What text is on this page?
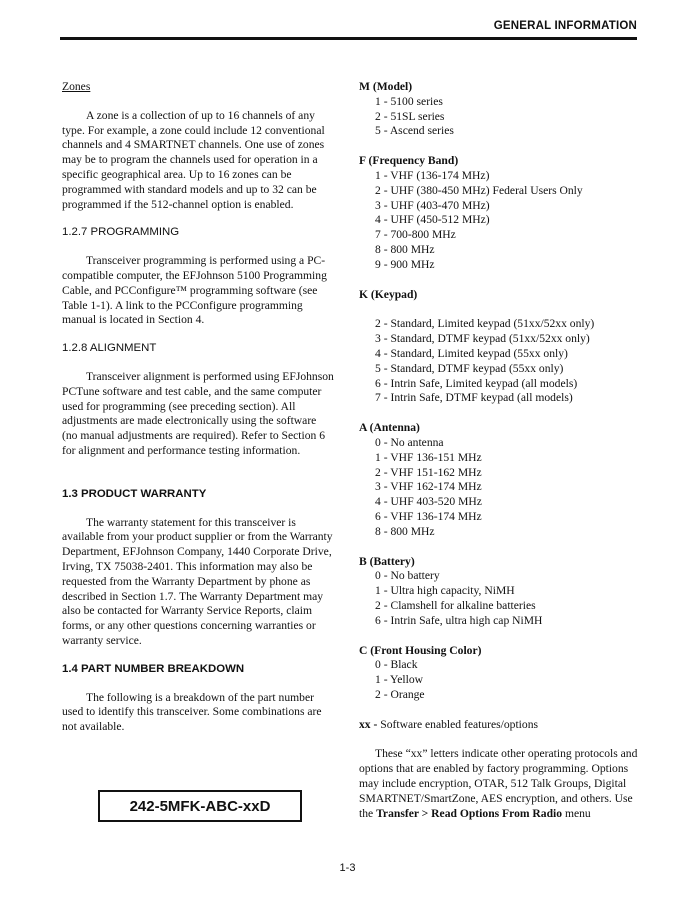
GENERAL INFORMATION
Zones
A zone is a collection of up to 16 channels of any type. For example, a zone could include 12 conventional channels and 4 SMARTNET channels. One use of zones may be to program the channels used for operation in a specific geographical area. Up to 16 zones can be programmed with standard models and up to 32 can be programmed if the 512-channel option is enabled.
1.2.7 PROGRAMMING
Transceiver programming is performed using a PC-compatible computer, the EFJohnson 5100 Programming Cable, and PCConfigure™ programming software (see Table 1-1). A link to the PCConfigure programming manual is located in Section 4.
1.2.8 ALIGNMENT
Transceiver alignment is performed using EFJohnson PCTune software and test cable, and the same computer used for programming (see preceding section). All adjustments are made electronically using the software (no manual adjustments are required). Refer to Section 6 for alignment and performance testing information.
1.3 PRODUCT WARRANTY
The warranty statement for this transceiver is available from your product supplier or from the Warranty Department, EFJohnson Company, 1440 Corporate Drive, Irving, TX 75038-2401. This information may also be requested from the Warranty Department by phone as described in Section 1.7. The Warranty Department may also be contacted for Warranty Service Reports, claim forms, or any other questions concerning warranties or warranty service.
1.4 PART NUMBER BREAKDOWN
The following is a breakdown of the part number used to identify this transceiver. Some combinations are not available.
242-5MFK-ABC-xxD
M (Model)
1 - 5100 series
2 - 51SL series
5 - Ascend series
F (Frequency Band)
1 - VHF (136-174 MHz)
2 - UHF (380-450 MHz) Federal Users Only
3 - UHF (403-470 MHz)
4 - UHF (450-512 MHz)
7 - 700-800 MHz
8 - 800 MHz
9 - 900 MHz
K (Keypad)
2 - Standard, Limited keypad (51xx/52xx only)
3 - Standard, DTMF keypad (51xx/52xx only)
4 - Standard, Limited keypad (55xx only)
5 - Standard, DTMF keypad (55xx only)
6 - Intrin Safe, Limited keypad (all models)
7 - Intrin Safe, DTMF keypad (all models)
A (Antenna)
0 - No antenna
1 - VHF 136-151 MHz
2 - VHF 151-162 MHz
3 - VHF 162-174 MHz
4 - UHF 403-520 MHz
6 - VHF 136-174 MHz
8 - 800 MHz
B (Battery)
0 - No battery
1 - Ultra high capacity, NiMH
2 - Clamshell for alkaline batteries
6 - Intrin Safe, ultra high cap NiMH
C (Front Housing Color)
0 - Black
1 - Yellow
2 - Orange
xx - Software enabled features/options
These “xx” letters indicate other operating protocols and options that are enabled by factory programming. Options may include encryption, OTAR, 512 Talk Groups, Digital SMARTNET/SmartZone, AES encryption, and others. Use the Transfer > Read Options From Radio menu
1-3
